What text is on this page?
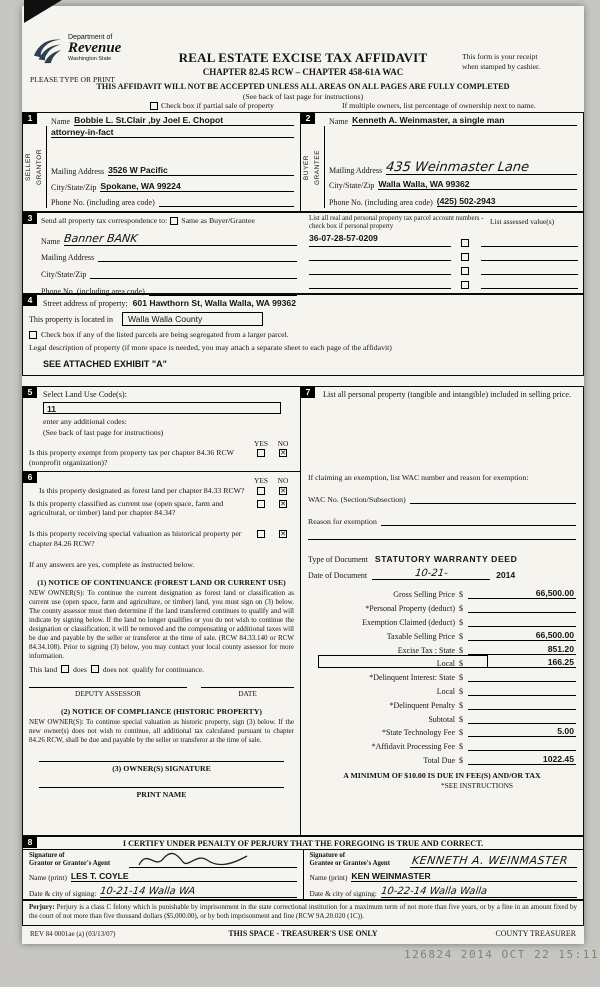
Department of
Revenue
Washington State
PLEASE TYPE OR PRINT
REAL ESTATE EXCISE TAX AFFIDAVIT
CHAPTER 82.45 RCW – CHAPTER 458-61A WAC
This form is your receipt
when stamped by cashier.
THIS AFFIDAVIT WILL NOT BE ACCEPTED UNLESS ALL AREAS ON ALL PAGES ARE FULLY COMPLETED
(See back of last page for instructions)
Check box if partial sale of property	If multiple owners, list percentage of ownership next to name.
1
SELLER GRANTOR
Name Bobbie L. St.Clair ,by Joel E. Chopot
attorney-in-fact
Mailing Address 3526 W Pacific
City/State/Zip Spokane, WA 99224
Phone No. (including area code)
2
BUYER GRANTEE
Name Kenneth A. Weinmaster, a single man
Mailing Address 435 Weinmaster Lane
City/State/Zip Walla Walla, WA 99362
Phone No. (including area code) (425) 502-2943
3	Send all property tax correspondence to: Same as Buyer/Grantee
Name Banner BANK
Mailing Address
City/State/Zip
Phone No. (including area code)
List all real and personal property tax parcel account numbers - check box if personal property
List assessed value(s)
36-07-28-57-0209
4	Street address of property: 601 Hawthorn St, Walla Walla, WA 99362
This property is located in	Walla Walla County
Check box if any of the listed parcels are being segregated from a larger parcel.
Legal description of property (if more space is needed, you may attach a separate sheet to each page of the affidavit)
SEE ATTACHED EXHIBIT "A"
5	Select Land Use Code(s):
11
enter any additional codes:
(See back of last page for instructions)
YES	NO
Is this property exempt from property tax per chapter 84.36 RCW (nonprofit organization)?
✕
6	YES	NO
Is this property designated as forest land per chapter 84.33 RCW?	✕
Is this property classified as current use (open space, farm and agricultural, or timber) land per chapter 84.34?
✕
Is this property receiving special valuation as historical property per chapter 84.26 RCW?
✕
If any answers are yes, complete as instructed below.
(1) NOTICE OF CONTINUANCE (FOREST LAND OR CURRENT USE)
NEW OWNER(S): To continue the current designation as forest land or classification as current use (open space, farm and agriculture, or timber) land, you must sign on (3) below. The county assessor must then determine if the land transferred continues to qualify and will indicate by signing below. If the land no longer qualifies or you do not wish to continue the designation or classification, it will be removed and the compensating or additional taxes will be due and payable by the seller or transferor at the time of sale. (RCW 84.33.140 or RCW 84.34.108). Prior to signing (3) below, you may contact your local county assessor for more information.
This land does does not qualify for continuance.
DEPUTY ASSESSOR	DATE
(2) NOTICE OF COMPLIANCE (HISTORIC PROPERTY)
NEW OWNER(S): To continue special valuation as historic property, sign (3) below. If the new owner(s) does not wish to continue, all additional tax calculated pursuant to chapter 84.26 RCW, shall be due and payable by the seller or transferor at the time of sale.
(3) OWNER(S) SIGNATURE
PRINT NAME
7	List all personal property (tangible and intangible) included in selling price.
If claiming an exemption, list WAC number and reason for exemption:
WAC No. (Section/Subsection)
Reason for exemption
Type of Document STATUTORY WARRANTY DEED
Date of Document	10-21-	2014
Gross Selling Price $	66,500.00
*Personal Property (deduct) $
Exemption Claimed (deduct) $
Taxable Selling Price $	66,500.00
Excise Tax : State $	851.20
Local $	166.25
*Delinquent Interest: State $
Local $
*Delinquent Penalty $
Subtotal $
*State Technology Fee $	5.00
*Affidavit Processing Fee $
Total Due $	1022.45
A MINIMUM OF $10.00 IS DUE IN FEE(S) AND/OR TAX
*SEE INSTRUCTIONS
8	I CERTIFY UNDER PENALTY OF PERJURY THAT THE FOREGOING IS TRUE AND CORRECT.
Signature of
Grantor or Grantor's Agent
Name (print) LES T. COYLE
Date & city of signing: 10-21-14 Walla WA
Signature of
Grantee or Grantee's Agent	KENNETH A. WEINMASTER
Name (print) KEN WEINMASTER
Date & city of signing: 10-22-14 Walla Walla
Perjury: Perjury is a class C felony which is punishable by imprisonment in the state correctional institution for a maximum term of not more than five years, or by a fine in an amount fixed by the court of not more than five thousand dollars ($5,000.00), or by both imprisonment and fine (RCW 9A.20.020 (1C)).
REV 84 0001ae (a) (03/13/07)	THIS SPACE - TREASURER'S USE ONLY	COUNTY TREASURER
126824 2014 OCT 22 15:11
